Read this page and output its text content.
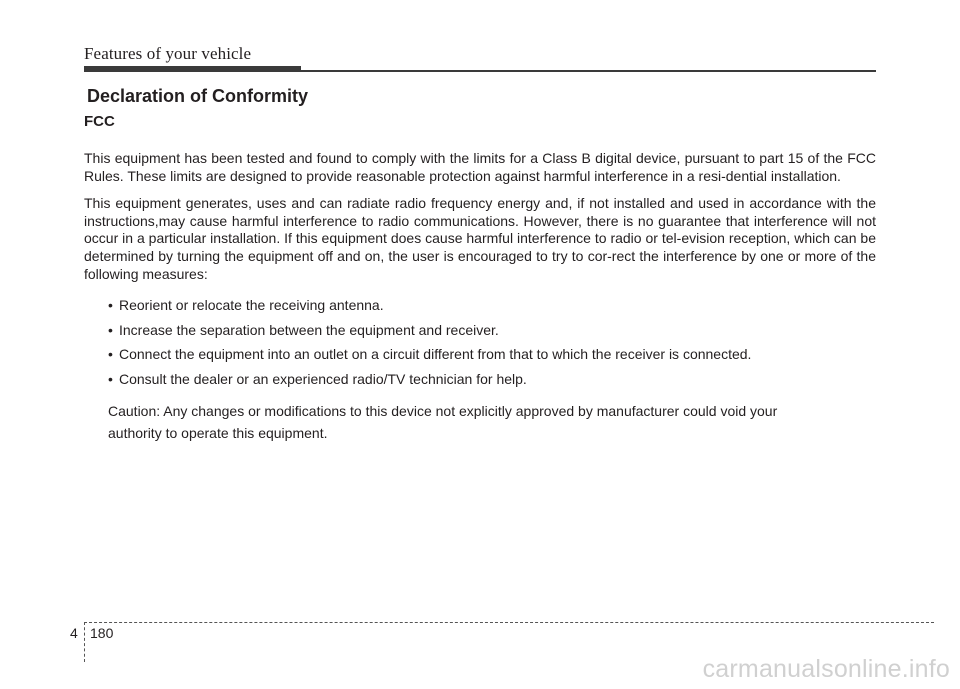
Features of your vehicle
Declaration of Conformity
FCC

This equipment has been tested and found to comply with the limits for a Class B digital device, pursuant to part 15 of the FCC Rules. These limits are designed to provide reasonable protection against harmful interference in a resi-dential installation.

This equipment generates, uses and can radiate radio frequency energy and, if not installed and used in accordance with the instructions,may cause harmful interference to radio communications. However, there is no guarantee that interference will not occur in a particular installation. If this equipment does cause harmful interference to radio or tel-evision reception, which can be determined by turning the equipment off and on, the user is encouraged to try to cor-rect the interference by one or more of the following measures:

• Reorient or relocate the receiving antenna.
• Increase the separation between the equipment and receiver.
• Connect the equipment into an outlet on a circuit different from that to which the receiver is connected.
• Consult the dealer or an experienced radio/TV technician for help.
Caution: Any changes or modifications to this device not explicitly approved by manufacturer could void your authority to operate this equipment.
4 180
carmanualsonline.info
